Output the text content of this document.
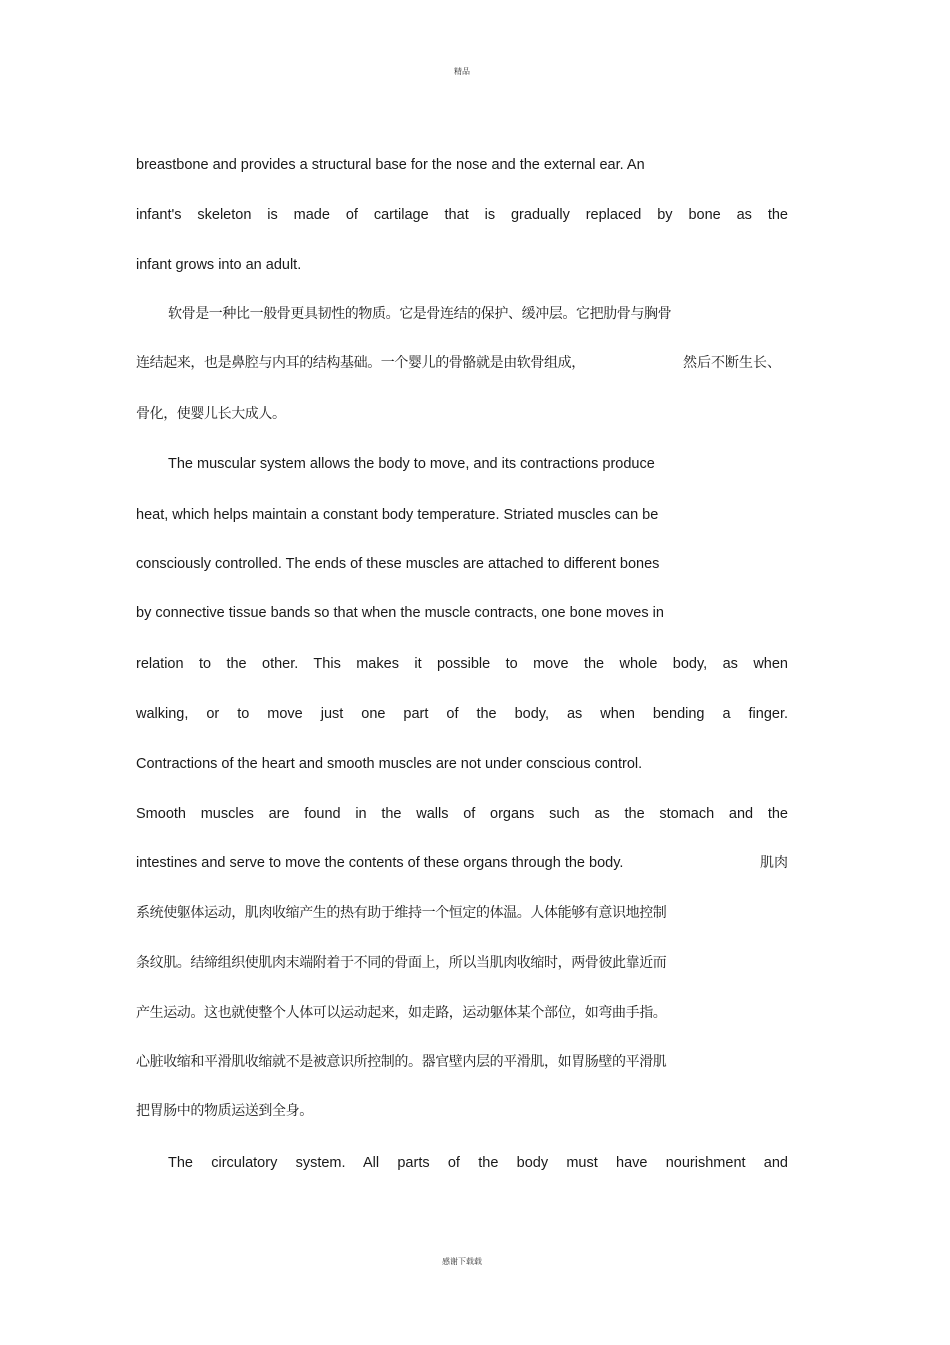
精品
breastbone and provides a structural base for the nose and the external ear. An
infant's skeleton is made of cartilage that is gradually replaced by bone as the
infant grows into an adult.
软骨是一种比一般骨更具韧性的物质。它是骨连结的保护、缓冲层。它把肋骨与胸骨
连结起来，也是鼻腔与内耳的结构基础。一个婴儿的骨骼就是由软骨组成，	然后不断生长、
骨化，使婴儿长大成人。
The muscular system allows the body to move, and its contractions produce
heat, which helps maintain a constant body temperature. Striated muscles can be
consciously controlled. The ends of these muscles are attached to different bones
by connective tissue bands so that when the muscle contracts, one bone moves in
relation to the other. This makes it possible to move the whole body, as when
walking, or to move just one part of the body, as when bending a finger.
Contractions of the heart and smooth muscles are not under conscious control.
Smooth muscles are found in the walls of organs such as the stomach and the
intestines and serve to move the contents of these organs through the body.	肌肉
系统使躯体运动，肌肉收缩产生的热有助于维持一个恒定的体温。人体能够有意识地控制
条纹肌。结缔组织使肌肉末端附着于不同的骨面上，所以当肌肉收缩时，两骨彼此靠近而
产生运动。这也就使整个人体可以运动起来，如走路，运动躯体某个部位，如弯曲手指。
心脏收缩和平滑肌收缩就不是被意识所控制的。器官壁内层的平滑肌，如胃肠壁的平滑肌
把胃肠中的物质运送到全身。
The circulatory system. All parts of the body must have nourishment and
感谢下载载
